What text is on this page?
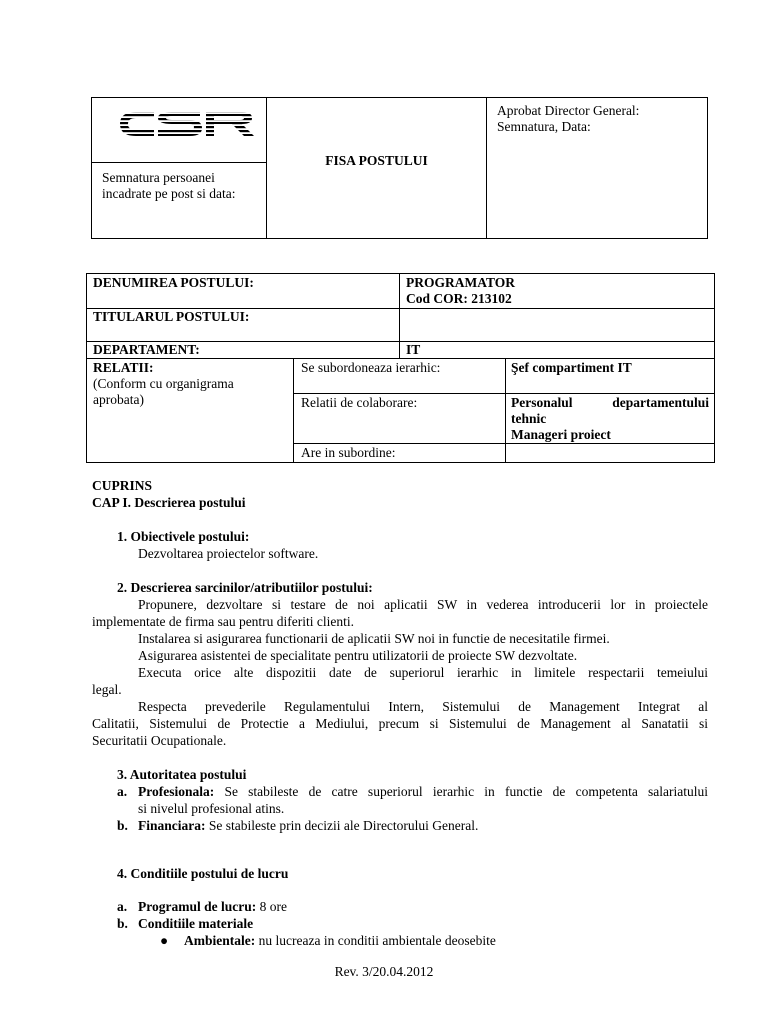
CSR
Semnatura persoanei incadrate pe post si data:
FISA POSTULUI
Aprobat Director General:
Semnatura, Data:
DENUMIREA POSTULUI:	PROGRAMATOR
Cod COR: 213102
TITULARUL POSTULUI:
DEPARTAMENT:	IT
RELATII:
(Conform cu organigrama aprobata)
Se subordoneaza ierarhic:	Şef compartiment IT
Relatii de colaborare:	Personalul departamentului
tehnic
Manageri proiect
Are in subordine:
CUPRINS
CAP I. Descrierea postului
1. Obiectivele postului:
Dezvoltarea proiectelor software.
2. Descrierea sarcinilor/atributiilor postului:
Propunere, dezvoltare si testare de noi aplicatii SW in vederea introducerii lor in proiectele
implementate de firma sau pentru diferiti clienti.
Instalarea si asigurarea functionarii de aplicatii SW noi in functie de necesitatile firmei.
Asigurarea asistentei de specialitate pentru utilizatorii de proiecte SW dezvoltate.
Executa orice alte dispozitii date de superiorul ierarhic in limitele respectarii temeiului
legal.
Respecta prevederile Regulamentului Intern, Sistemului de Management Integrat al
Calitatii, Sistemului de Protectie a Mediului, precum si Sistemului de Management al Sanatatii si
Securitatii Ocupationale.
3. Autoritatea postului
a. Profesionala: Se stabileste de catre superiorul ierarhic in functie de competenta salariatului
si nivelul profesional atins.
b. Financiara: Se stabileste prin decizii ale Directorului General.
4. Conditiile postului de lucru
a. Programul de lucru: 8 ore
b. Conditiile materiale
● Ambientale: nu lucreaza in conditii ambientale deosebite
Rev. 3/20.04.2012
